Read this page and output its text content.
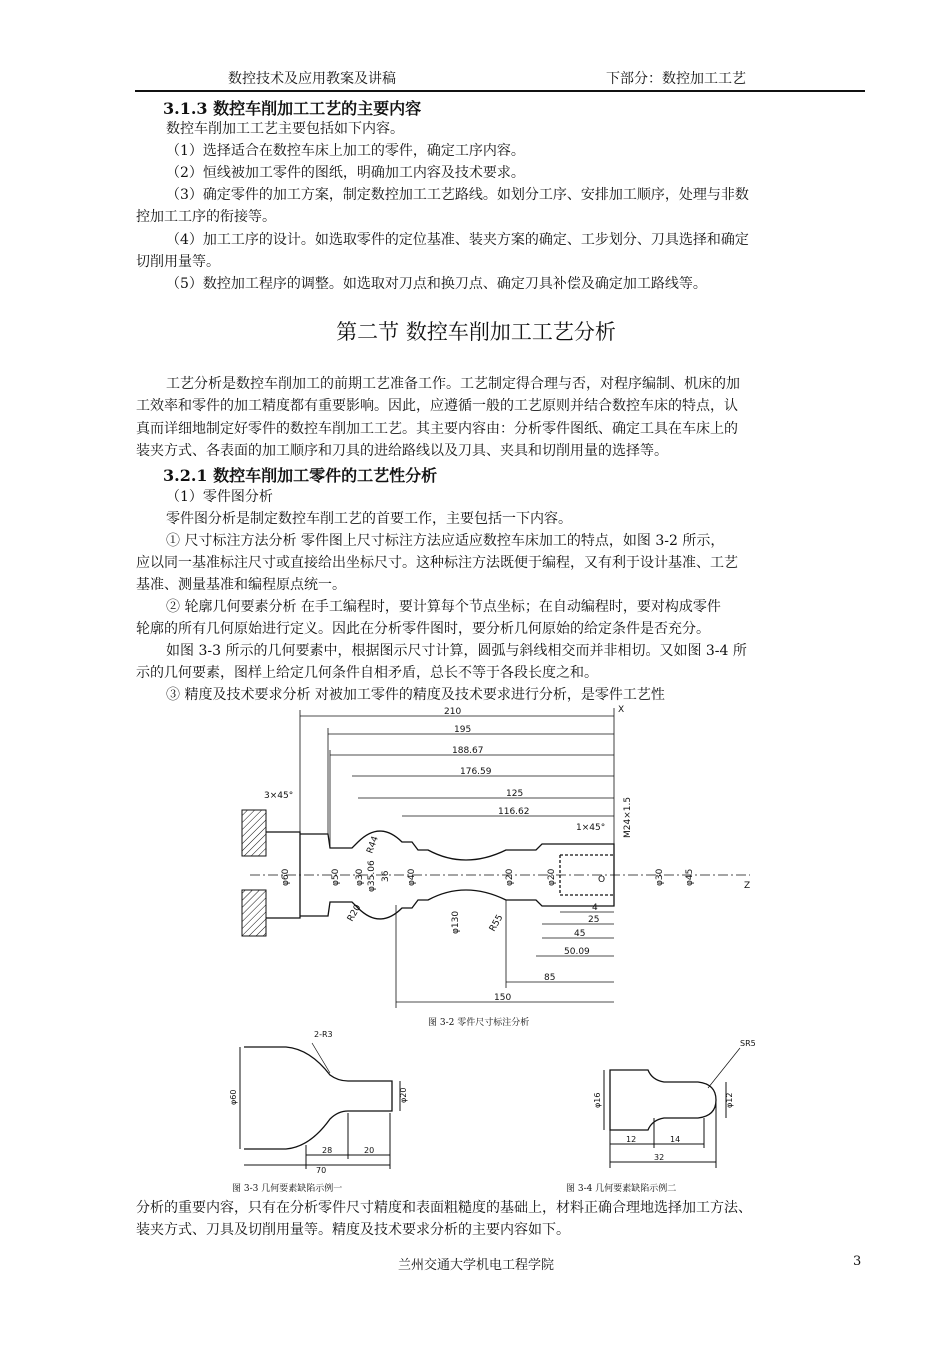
数控技术及应用教案及讲稿	下部分：数控加工工艺
3.1.3 数控车削加工工艺的主要内容
数控车削加工工艺主要包括如下内容。
（1）选择适合在数控车床上加工的零件，确定工序内容。
（2）恒线被加工零件的图纸，明确加工内容及技术要求。
（3）确定零件的加工方案，制定数控加工工艺路线。如划分工序、安排加工顺序，处理与非数
控加工工序的衔接等。
（4）加工工序的设计。如选取零件的定位基准、装夹方案的确定、工步划分、刀具选择和确定
切削用量等。
（5）数控加工程序的调整。如选取对刀点和换刀点、确定刀具补偿及确定加工路线等。
第二节 数控车削加工工艺分析
工艺分析是数控车削加工的前期工艺准备工作。工艺制定得合理与否，对程序编制、机床的加
工效率和零件的加工精度都有重要影响。因此，应遵循一般的工艺原则并结合数控车床的特点，认
真而详细地制定好零件的数控车削加工工艺。其主要内容由：分析零件图纸、确定工具在车床上的
装夹方式、各表面的加工顺序和刀具的进给路线以及刀具、夹具和切削用量的选择等。
3.2.1 数控车削加工零件的工艺性分析
（1）零件图分析
零件图分析是制定数控车削工艺的首要工作，主要包括一下内容。
① 尺寸标注方法分析 零件图上尺寸标注方法应适应数控车床加工的特点，如图 3-2 所示，
应以同一基准标注尺寸或直接给出坐标尺寸。这种标注方法既便于编程，又有利于设计基准、工艺
基准、测量基准和编程原点统一。
② 轮廓几何要素分析 在手工编程时，要计算每个节点坐标；在自动编程时，要对构成零件
轮廓的所有几何原始进行定义。因此在分析零件图时，要分析几何原始的给定条件是否充分。
如图 3-3 所示的几何要素中，根据图示尺寸计算，圆弧与斜线相交而并非相切。又如图 3-4 所
示的几何要素，图样上给定几何条件自相矛盾，总长不等于各段长度之和。
③ 精度及技术要求分析 对被加工零件的精度及技术要求进行分析，是零件工艺性
210
195
188.67
176.59
125
116.62
3×45°
1×45° M24×1.5
X
Z
O
R44
R20	R55
φ60	φ50 φ30 φ35.06 36 φ40	φ20	φ20	φ30 φ45
φ130
4
25
45
50.09
85
150
图 3-2 零件尺寸标注分析
2-R3
φ60	φ20
28	20
70
图 3-3 几何要素缺陷示例一
SR5
φ16	φ12
12	14
32
图 3-4 几何要素缺陷示例二
分析的重要内容，只有在分析零件尺寸精度和表面粗糙度的基础上，材料正确合理地选择加工方法、
装夹方式、刀具及切削用量等。精度及技术要求分析的主要内容如下。
兰州交通大学机电工程学院	3
